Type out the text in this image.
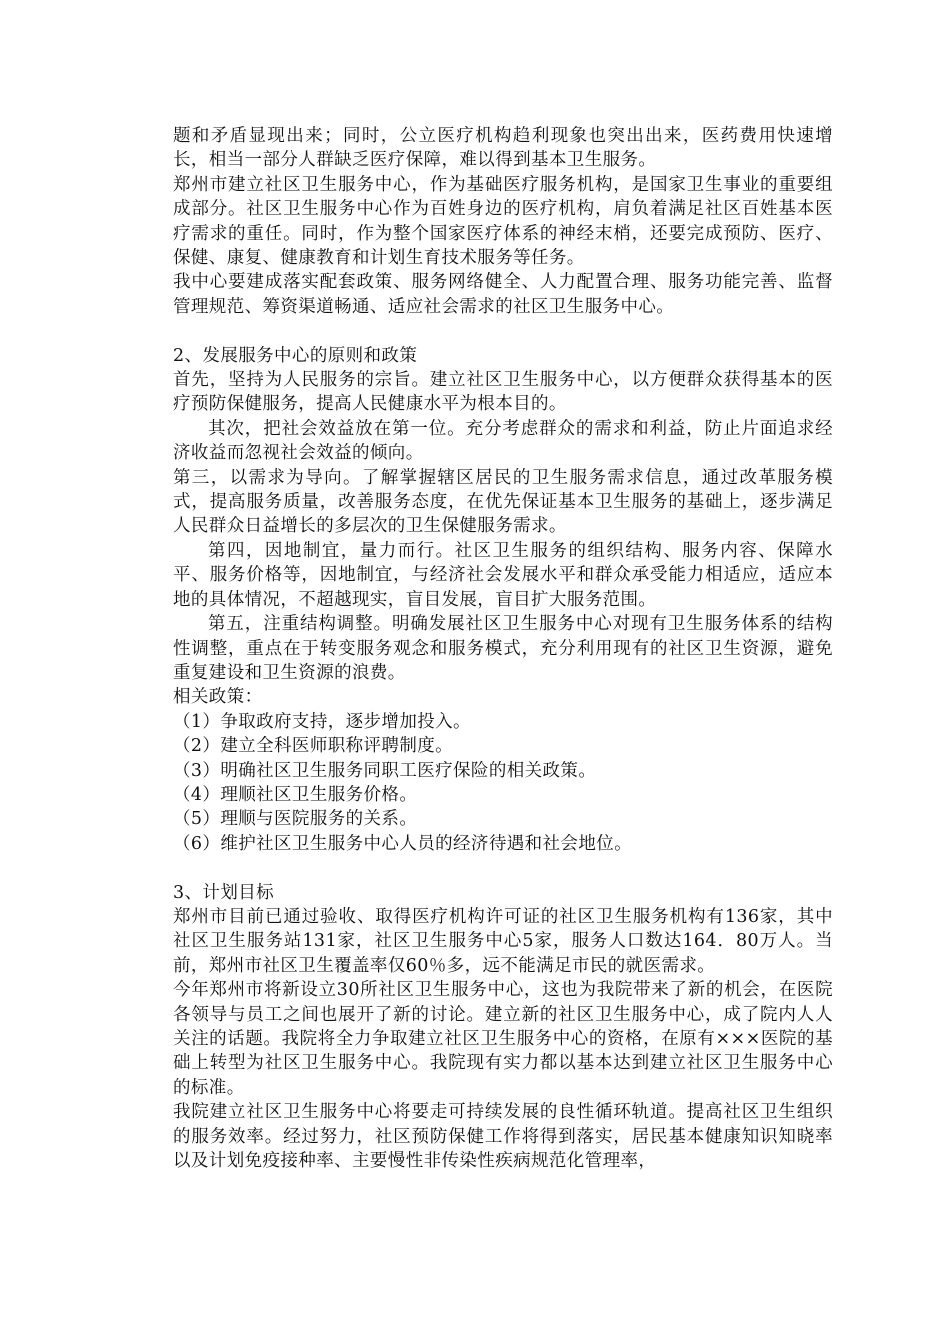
题和矛盾显现出来；同时，公立医疗机构趋利现象也突出出来，医药费用快速增长，相当一部分人群缺乏医疗保障，难以得到基本卫生服务。

郑州市建立社区卫生服务中心，作为基础医疗服务机构，是国家卫生事业的重要组成部分。社区卫生服务中心作为百姓身边的医疗机构，肩负着满足社区百姓基本医疗需求的重任。同时，作为整个国家医疗体系的神经末梢，还要完成预防、医疗、保健、康复、健康教育和计划生育技术服务等任务。

我中心要建成落实配套政策、服务网络健全、人力配置合理、服务功能完善、监督管理规范、筹资渠道畅通、适应社会需求的社区卫生服务中心。

2、发展服务中心的原则和政策

首先，坚持为人民服务的宗旨。建立社区卫生服务中心，以方便群众获得基本的医疗预防保健服务，提高人民健康水平为根本目的。

其次，把社会效益放在第一位。充分考虑群众的需求和利益，防止片面追求经济收益而忽视社会效益的倾向。

第三，以需求为导向。了解掌握辖区居民的卫生服务需求信息，通过改革服务模式，提高服务质量，改善服务态度，在优先保证基本卫生服务的基础上，逐步满足人民群众日益增长的多层次的卫生保健服务需求。

第四，因地制宜，量力而行。社区卫生服务的组织结构、服务内容、保障水平、服务价格等，因地制宜，与经济社会发展水平和群众承受能力相适应，适应本地的具体情况，不超越现实，盲目发展，盲目扩大服务范围。

第五，注重结构调整。明确发展社区卫生服务中心对现有卫生服务体系的结构性调整，重点在于转变服务观念和服务模式，充分利用现有的社区卫生资源，避免重复建设和卫生资源的浪费。

相关政策：

（1）争取政府支持，逐步增加投入。
（2）建立全科医师职称评聘制度。
（3）明确社区卫生服务同职工医疗保险的相关政策。
（4）理顺社区卫生服务价格。
（5）理顺与医院服务的关系。
（6）维护社区卫生服务中心人员的经济待遇和社会地位。

3、计划目标

郑州市目前已通过验收、取得医疗机构许可证的社区卫生服务机构有136家，其中社区卫生服务站131家，社区卫生服务中心5家，服务人口数达164．80万人。当前，郑州市社区卫生覆盖率仅60％多，远不能满足市民的就医需求。

今年郑州市将新设立30所社区卫生服务中心，这也为我院带来了新的机会，在医院各领导与员工之间也展开了新的讨论。建立新的社区卫生服务中心，成了院内人人关注的话题。我院将全力争取建立社区卫生服务中心的资格，在原有×××医院的基础上转型为社区卫生服务中心。我院现有实力都以基本达到建立社区卫生服务中心的标准。

我院建立社区卫生服务中心将要走可持续发展的良性循环轨道。提高社区卫生组织的服务效率。经过努力，社区预防保健工作将得到落实，居民基本健康知识知晓率以及计划免疫接种率、主要慢性非传染性疾病规范化管理率，
